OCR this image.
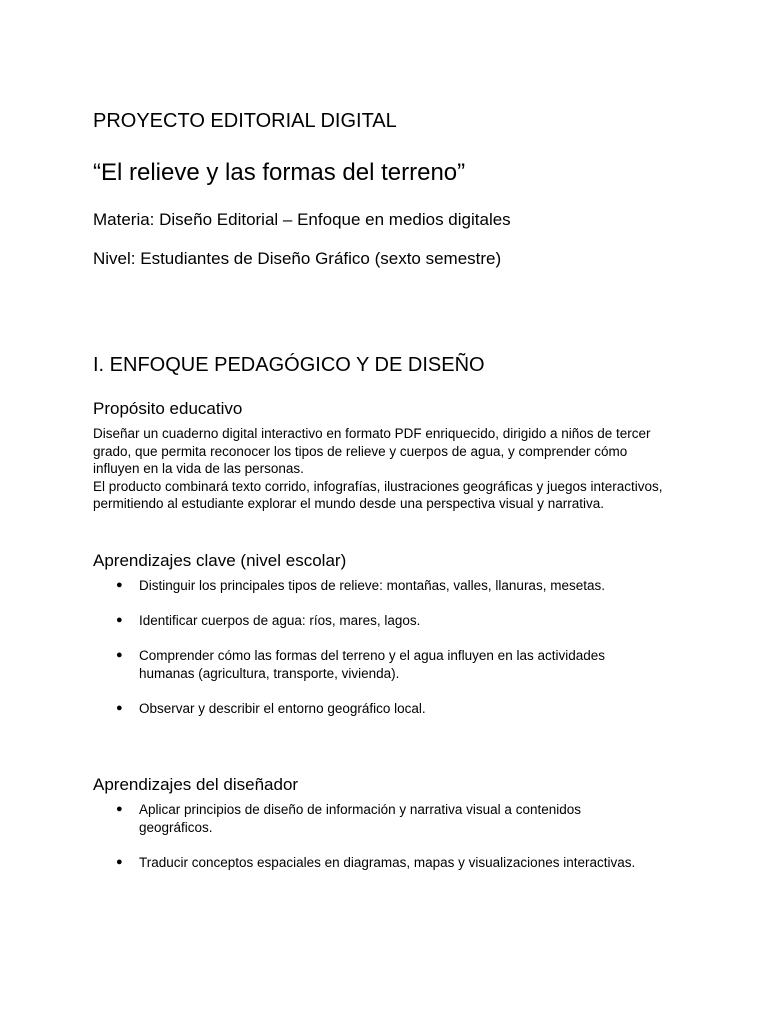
PROYECTO EDITORIAL DIGITAL
“El relieve y las formas del terreno”

Materia: Diseño Editorial – Enfoque en medios digitales

Nivel: Estudiantes de Diseño Gráfico (sexto semestre)

I. ENFOQUE PEDAGÓGICO Y DE DISEÑO
Propósito educativo

Diseñar un cuaderno digital interactivo en formato PDF enriquecido, dirigido a niños de tercer grado, que permita reconocer los tipos de relieve y cuerpos de agua, y comprender cómo influyen en la vida de las personas.

El producto combinará texto corrido, infografías, ilustraciones geográficas y juegos interactivos, permitiendo al estudiante explorar el mundo desde una perspectiva visual y narrativa.

Aprendizajes clave (nivel escolar)
● Distinguir los principales tipos de relieve: montañas, valles, llanuras, mesetas.
● Identificar cuerpos de agua: ríos, mares, lagos.
● Comprender cómo las formas del terreno y el agua influyen en las actividades humanas (agricultura, transporte, vivienda).
● Observar y describir el entorno geográfico local.
Aprendizajes del diseñador
● Aplicar principios de diseño de información y narrativa visual a contenidos geográficos.
● Traducir conceptos espaciales en diagramas, mapas y visualizaciones interactivas.
